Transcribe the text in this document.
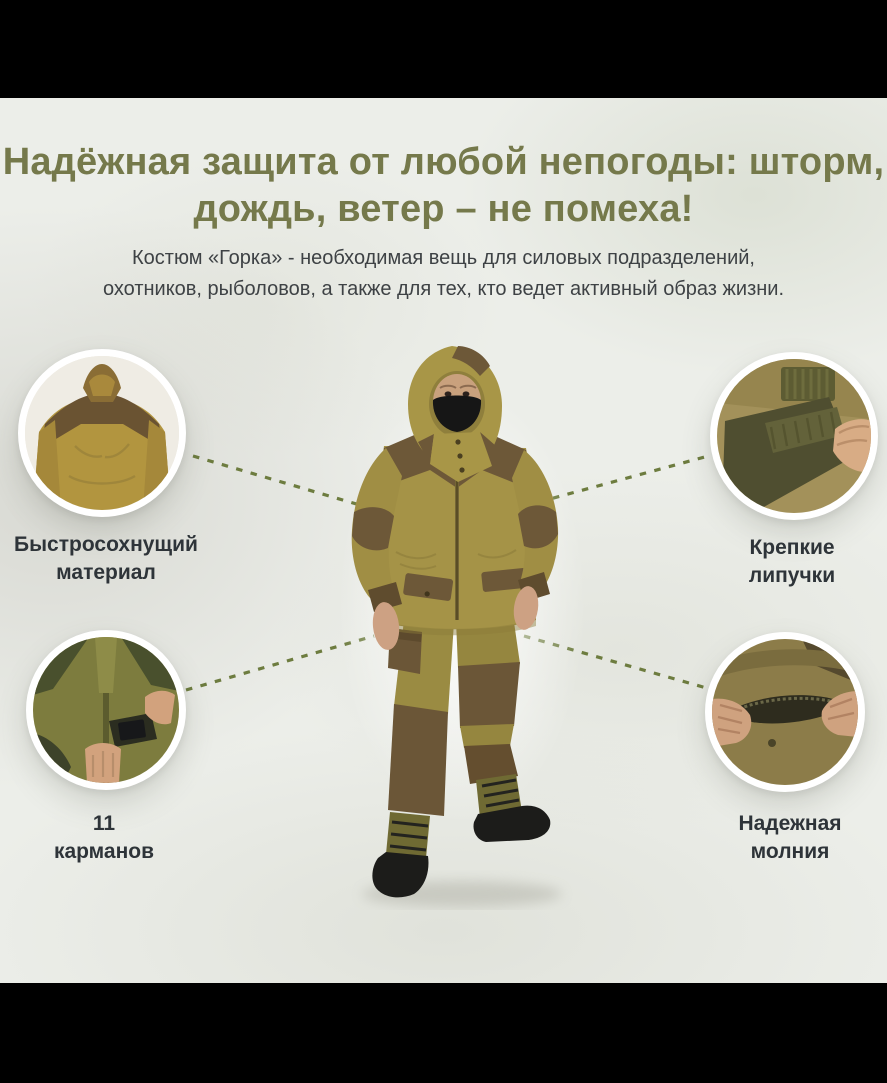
Надёжная защита от любой непогоды: шторм,
дождь, ветер – не помеха!

Костюм «Горка» - необходимая вещь для силовых подразделений,
охотников, рыболовов, а также для тех, кто ведет активный образ жизни.

Быстросохнущий
материал
Крепкие
липучки
11
карманов
Надежная
молния
